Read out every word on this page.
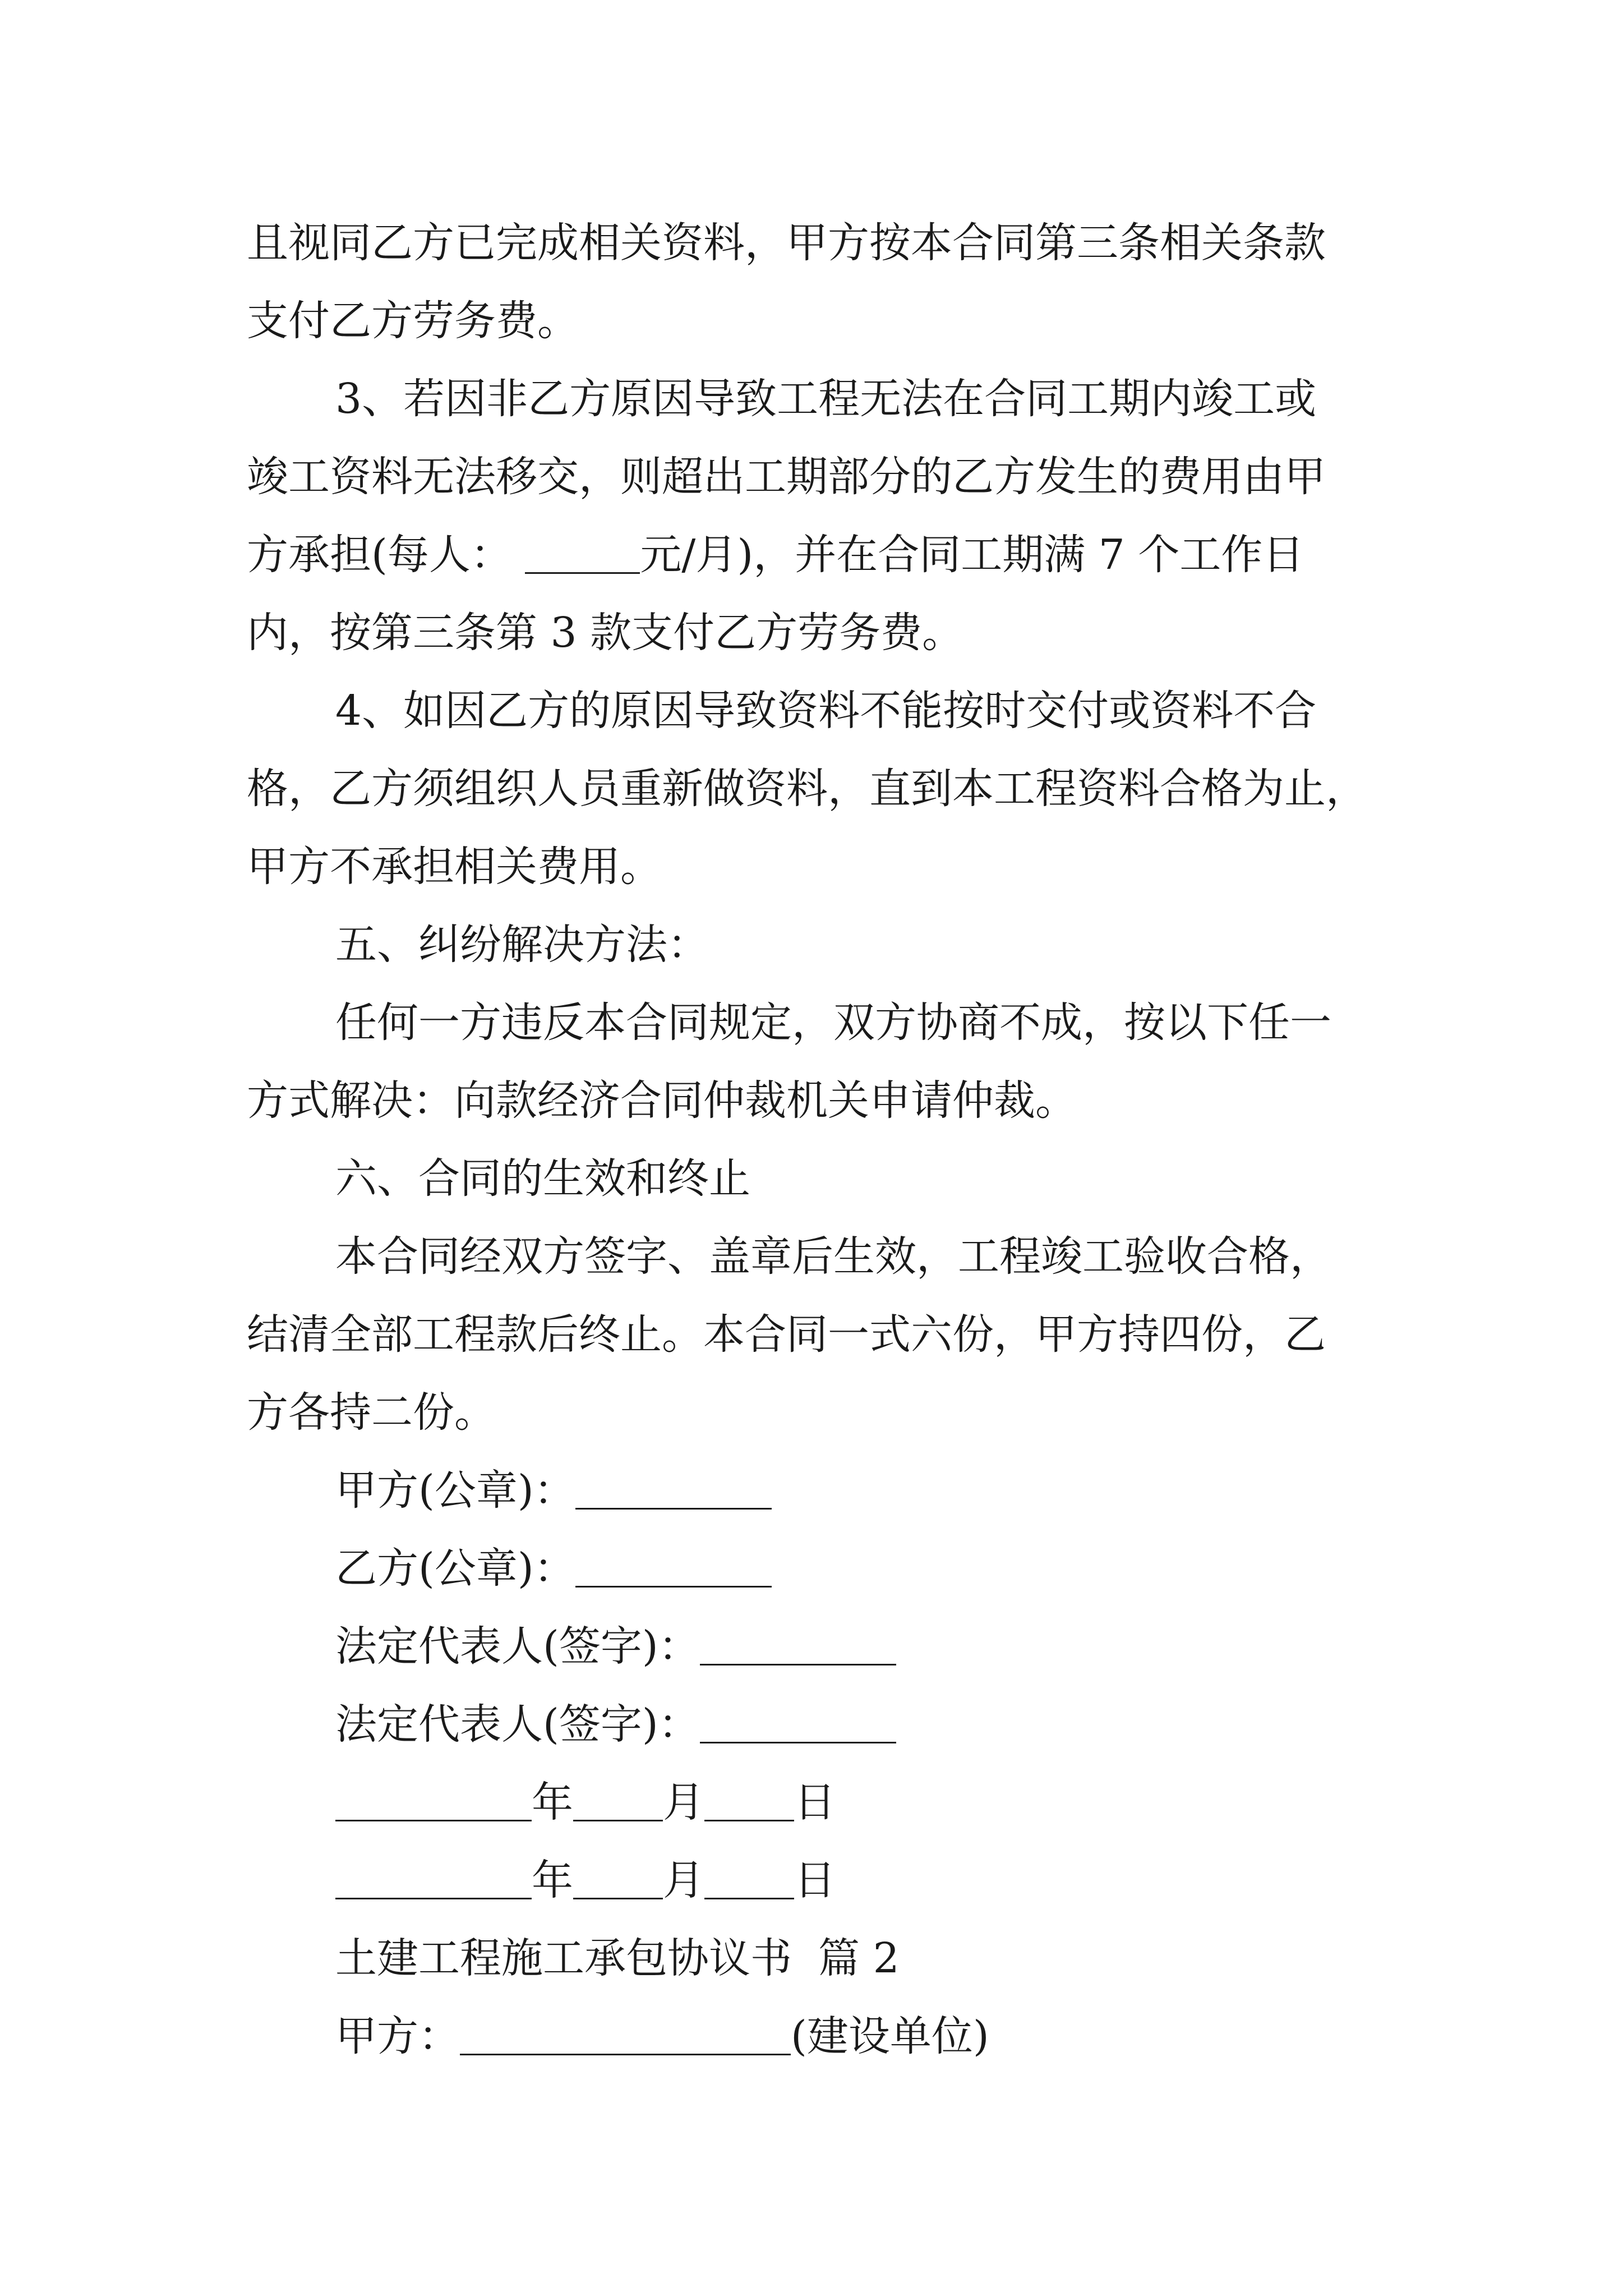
且视同乙方已完成相关资料，甲方按本合同第三条相关条款

支付乙方劳务费。

3、若因非乙方原因导致工程无法在合同工期内竣工或

竣工资料无法移交，则超出工期部分的乙方发生的费用由甲

方承担(每人：	元/月)，并在合同工期满 7 个工作日

内，按第三条第 3 款支付乙方劳务费。

4、如因乙方的原因导致资料不能按时交付或资料不合

格，乙方须组织人员重新做资料，直到本工程资料合格为止，

甲方不承担相关费用。

五、纠纷解决方法：

任何一方违反本合同规定，双方协商不成，按以下任一

方式解决：向款经济合同仲裁机关申请仲裁。

六、合同的生效和终止

本合同经双方签字、盖章后生效，工程竣工验收合格，

结清全部工程款后终止。本合同一式六份，甲方持四份，乙

方各持二份。

甲方(公章)：

乙方(公章)：

法定代表人(签字)：

法定代表人(签字)：

年 月 日

年 月 日

土建工程施工承包协议书  篇 2

甲方：	(建设单位)
